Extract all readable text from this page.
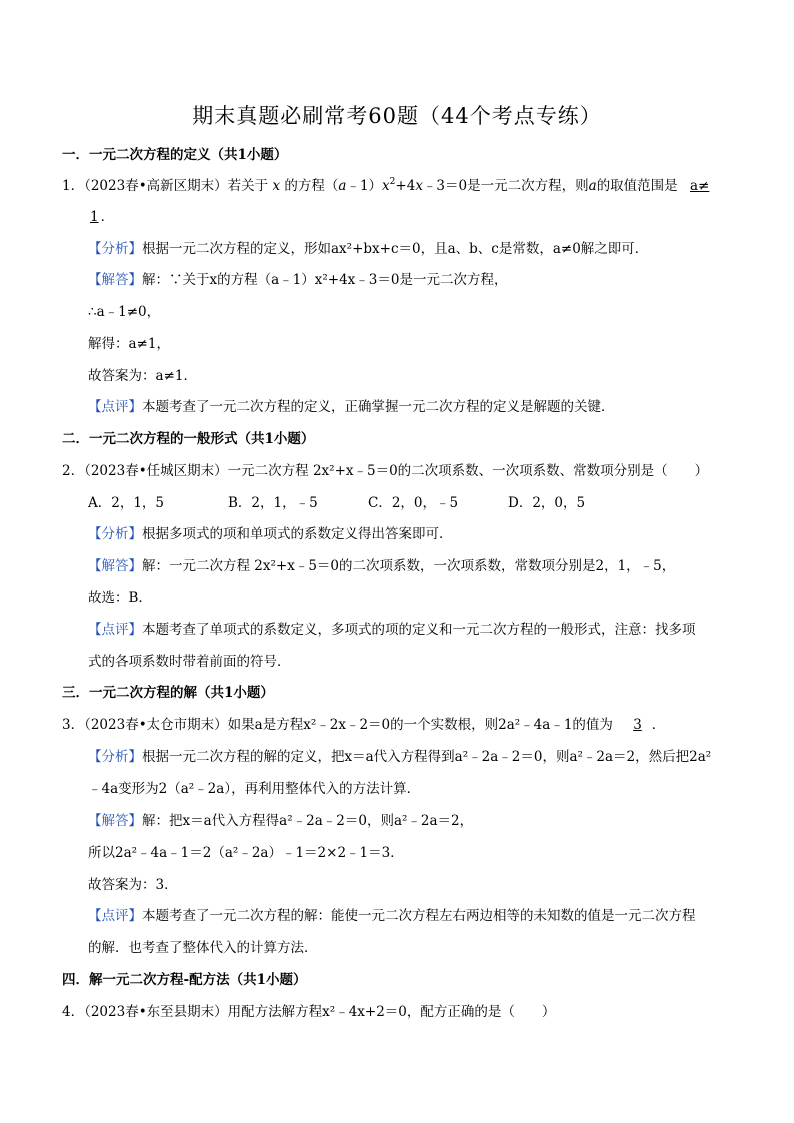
期末真题必刷常考60题（44个考点专练）
一．一元二次方程的定义（共1小题）
1．（2023春•高新区期末）若关于 x 的方程$(a﹣1)x^2+4x﹣3=0$是一元二次方程，则a的取值范围是 a≠
1 ．
【分析】根据一元二次方程的定义，形如ax²+bx+c＝0，且a、b、c是常数，a≠0解之即可．
【解答】解：∵关于x的方程（a﹣1）x²+4x﹣3＝0是一元二次方程，
∴a﹣1≠0，
解得：a≠1，
故答案为：a≠1．
【点评】本题考查了一元二次方程的定义，正确掌握一元二次方程的定义是解题的关键．
二．一元二次方程的一般形式（共1小题）
2．（2023春•任城区期末）一元二次方程 2x²+x﹣5＝0的二次项系数、一次项系数、常数项分别是（　　）
A．2，1，5	B．2，1，﹣5	C．2，0，﹣5	D．2，0，5
【分析】根据多项式的项和单项式的系数定义得出答案即可．
【解答】解：一元二次方程 2x²+x﹣5＝0的二次项系数，一次项系数，常数项分别是2，1，﹣5，
故选：B．
【点评】本题考查了单项式的系数定义，多项式的项的定义和一元二次方程的一般形式，注意：找多项
式的各项系数时带着前面的符号．
三．一元二次方程的解（共1小题）
3．（2023春•太仓市期末）如果a是方程x²﹣2x﹣2＝0的一个实数根，则2a²﹣4a﹣1的值为 3 ．
【分析】根据一元二次方程的解的定义，把x＝a代入方程得到a²﹣2a﹣2＝0，则a²﹣2a＝2，然后把2a²
﹣4a变形为2（a²﹣2a），再利用整体代入的方法计算．
【解答】解：把x＝a代入方程得a²﹣2a﹣2＝0，则a²﹣2a＝2，
所以2a²﹣4a﹣1＝2（a²﹣2a）﹣1＝2×2﹣1＝3．
故答案为：3．
【点评】本题考查了一元二次方程的解：能使一元二次方程左右两边相等的未知数的值是一元二次方程
的解．也考查了整体代入的计算方法．
四．解一元二次方程-配方法（共1小题）
4．（2023春•东至县期末）用配方法解方程x²﹣4x+2＝0，配方正确的是（　　）
